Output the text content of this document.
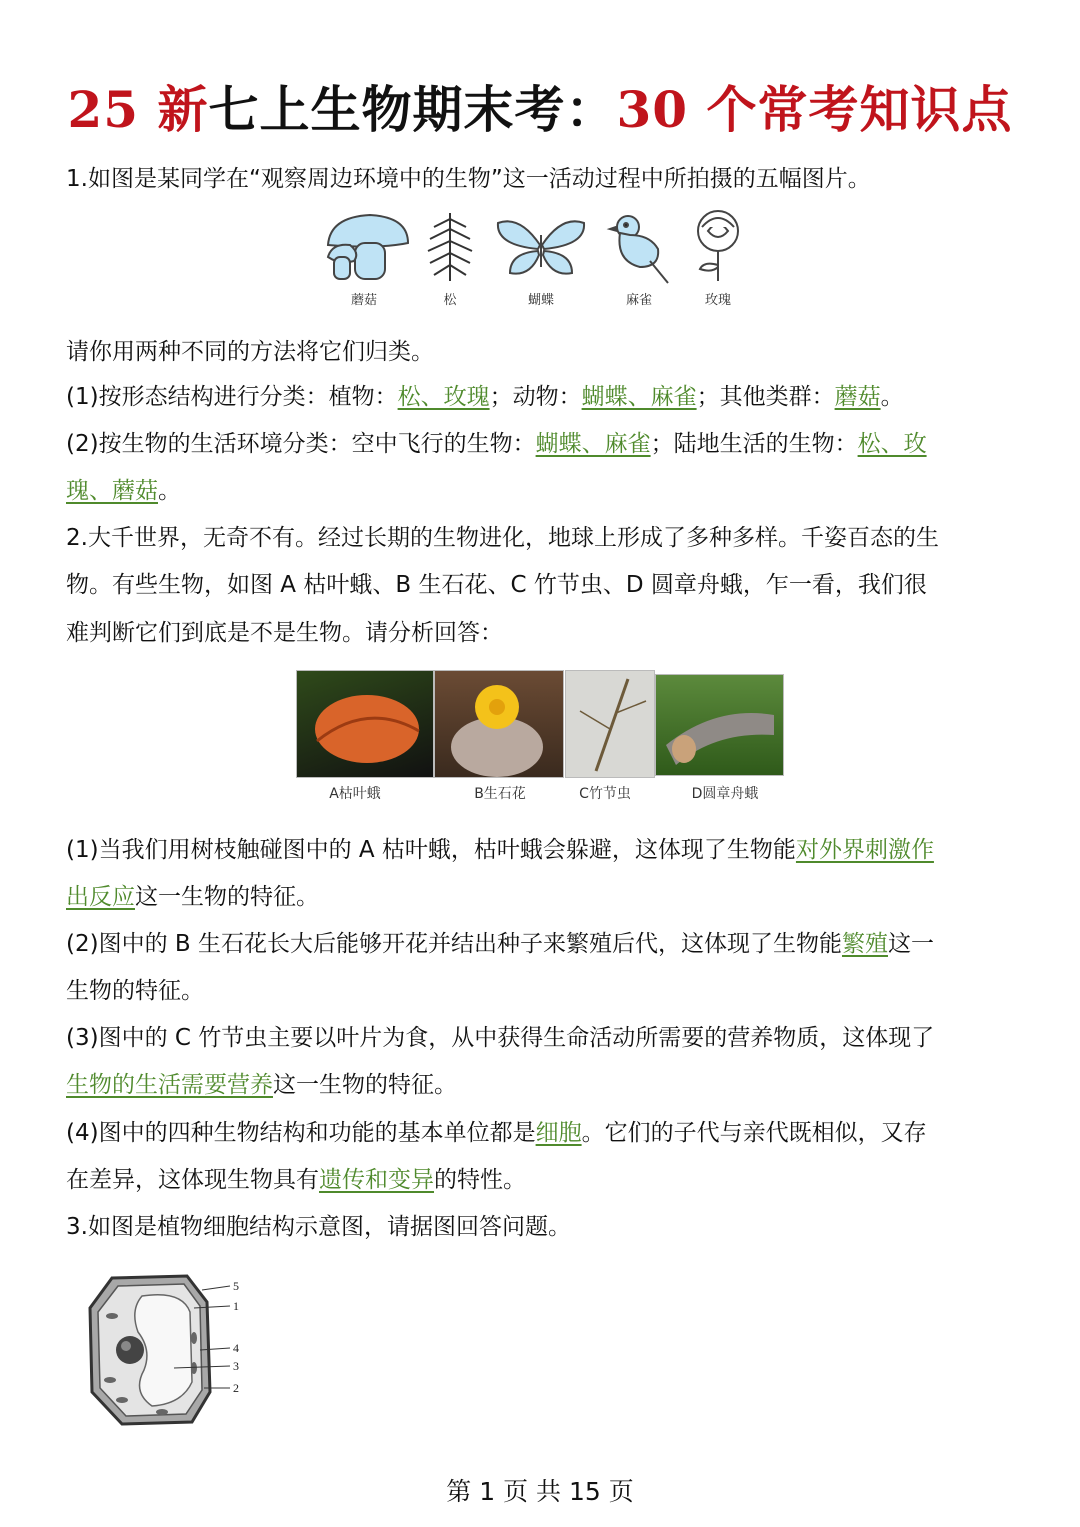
25 新七上生物期末考：30 个常考知识点
1.如图是某同学在“观察周边环境中的生物”这一活动过程中所拍摄的五幅图片。
蘑菇	松	蝴蝶	麻雀	玫瑰
请你用两种不同的方法将它们归类。
(1)按形态结构进行分类：植物：松、玫瑰；动物：蝴蝶、麻雀；其他类群：蘑菇。
(2)按生物的生活环境分类：空中飞行的生物：蝴蝶、麻雀；陆地生活的生物：松、玫
瑰、蘑菇。
2.大千世界，无奇不有。经过长期的生物进化，地球上形成了多种多样。千姿百态的生
物。有些生物，如图 A 枯叶蛾、B 生石花、C 竹节虫、D 圆章舟蛾，乍一看，我们很
难判断它们到底是不是生物。请分析回答：
A枯叶蛾	B生石花	C竹节虫	D圆章舟蛾
(1)当我们用树枝触碰图中的 A 枯叶蛾，枯叶蛾会躲避，这体现了生物能对外界刺激作
出反应这一生物的特征。
(2)图中的 B 生石花长大后能够开花并结出种子来繁殖后代，这体现了生物能繁殖这一
生物的特征。
(3)图中的 C 竹节虫主要以叶片为食，从中获得生命活动所需要的营养物质，这体现了
生物的生活需要营养这一生物的特征。
(4)图中的四种生物结构和功能的基本单位都是细胞。它们的子代与亲代既相似，又存
在差异，这体现生物具有遗传和变异的特性。
3.如图是植物细胞结构示意图，请据图回答问题。
5
1
4
3
2
第 1 页 共 15 页
